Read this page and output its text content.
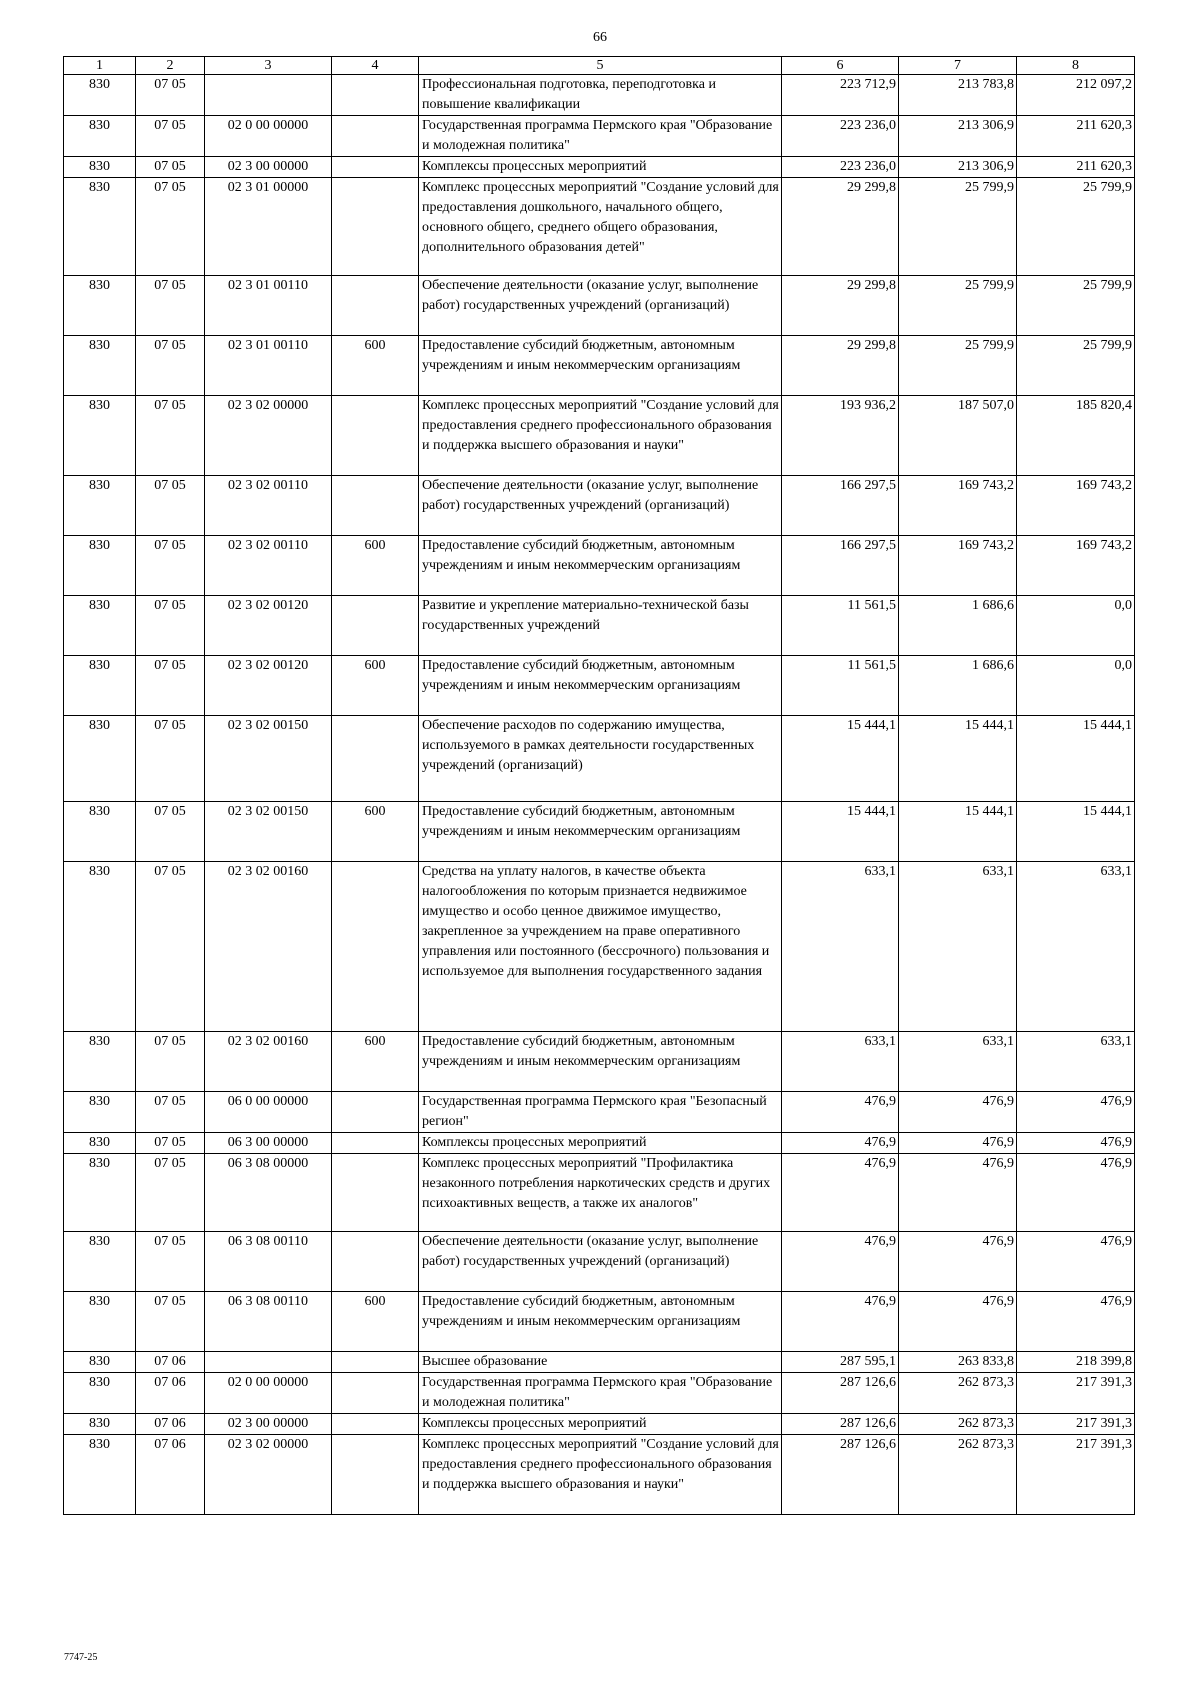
66
1	2	3	4	5	6	7	8
830	07 05			Профессиональная подготовка, переподготовка и повышение квалификации	223 712,9	213 783,8	212 097,2
830	07 05	02 0 00 00000		Государственная программа Пермского края "Образование и молодежная политика"	223 236,0	213 306,9	211 620,3
830	07 05	02 3 00 00000		Комплексы процессных мероприятий	223 236,0	213 306,9	211 620,3
830	07 05	02 3 01 00000		Комплекс процессных мероприятий "Создание условий для предоставления дошкольного, начального общего, основного общего, среднего общего образования, дополнительного образования детей"	29 299,8	25 799,9	25 799,9
830	07 05	02 3 01 00110		Обеспечение деятельности (оказание услуг, выполнение работ) государственных учреждений (организаций)	29 299,8	25 799,9	25 799,9
830	07 05	02 3 01 00110	600	Предоставление субсидий бюджетным, автономным учреждениям и иным некоммерческим организациям	29 299,8	25 799,9	25 799,9
830	07 05	02 3 02 00000		Комплекс процессных мероприятий "Создание условий для предоставления среднего профессионального образования и поддержка высшего образования и науки"	193 936,2	187 507,0	185 820,4
830	07 05	02 3 02 00110		Обеспечение деятельности (оказание услуг, выполнение работ) государственных учреждений (организаций)	166 297,5	169 743,2	169 743,2
830	07 05	02 3 02 00110	600	Предоставление субсидий бюджетным, автономным учреждениям и иным некоммерческим организациям	166 297,5	169 743,2	169 743,2
830	07 05	02 3 02 00120		Развитие и укрепление материально-технической базы государственных учреждений	11 561,5	1 686,6	0,0
830	07 05	02 3 02 00120	600	Предоставление субсидий бюджетным, автономным учреждениям и иным некоммерческим организациям	11 561,5	1 686,6	0,0
830	07 05	02 3 02 00150		Обеспечение расходов по содержанию имущества, используемого в рамках деятельности государственных учреждений (организаций)	15 444,1	15 444,1	15 444,1
830	07 05	02 3 02 00150	600	Предоставление субсидий бюджетным, автономным учреждениям и иным некоммерческим организациям	15 444,1	15 444,1	15 444,1
830	07 05	02 3 02 00160		Средства на уплату налогов, в качестве объекта налогообложения по которым признается недвижимое имущество и особо ценное движимое имущество, закрепленное за учреждением на праве оперативного управления или постоянного (бессрочного) пользования и используемое для выполнения государственного задания	633,1	633,1	633,1
830	07 05	02 3 02 00160	600	Предоставление субсидий бюджетным, автономным учреждениям и иным некоммерческим организациям	633,1	633,1	633,1
830	07 05	06 0 00 00000		Государственная программа Пермского края "Безопасный регион"	476,9	476,9	476,9
830	07 05	06 3 00 00000		Комплексы процессных мероприятий	476,9	476,9	476,9
830	07 05	06 3 08 00000		Комплекс процессных мероприятий "Профилактика незаконного потребления наркотических средств и других психоактивных веществ, а также их аналогов"	476,9	476,9	476,9
830	07 05	06 3 08 00110		Обеспечение деятельности (оказание услуг, выполнение работ) государственных учреждений (организаций)	476,9	476,9	476,9
830	07 05	06 3 08 00110	600	Предоставление субсидий бюджетным, автономным учреждениям и иным некоммерческим организациям	476,9	476,9	476,9
830	07 06			Высшее образование	287 595,1	263 833,8	218 399,8
830	07 06	02 0 00 00000		Государственная программа Пермского края "Образование и молодежная политика"	287 126,6	262 873,3	217 391,3
830	07 06	02 3 00 00000		Комплексы процессных мероприятий	287 126,6	262 873,3	217 391,3
830	07 06	02 3 02 00000		Комплекс процессных мероприятий "Создание условий для предоставления среднего профессионального образования и поддержка высшего образования и науки"	287 126,6	262 873,3	217 391,3
7747-25
